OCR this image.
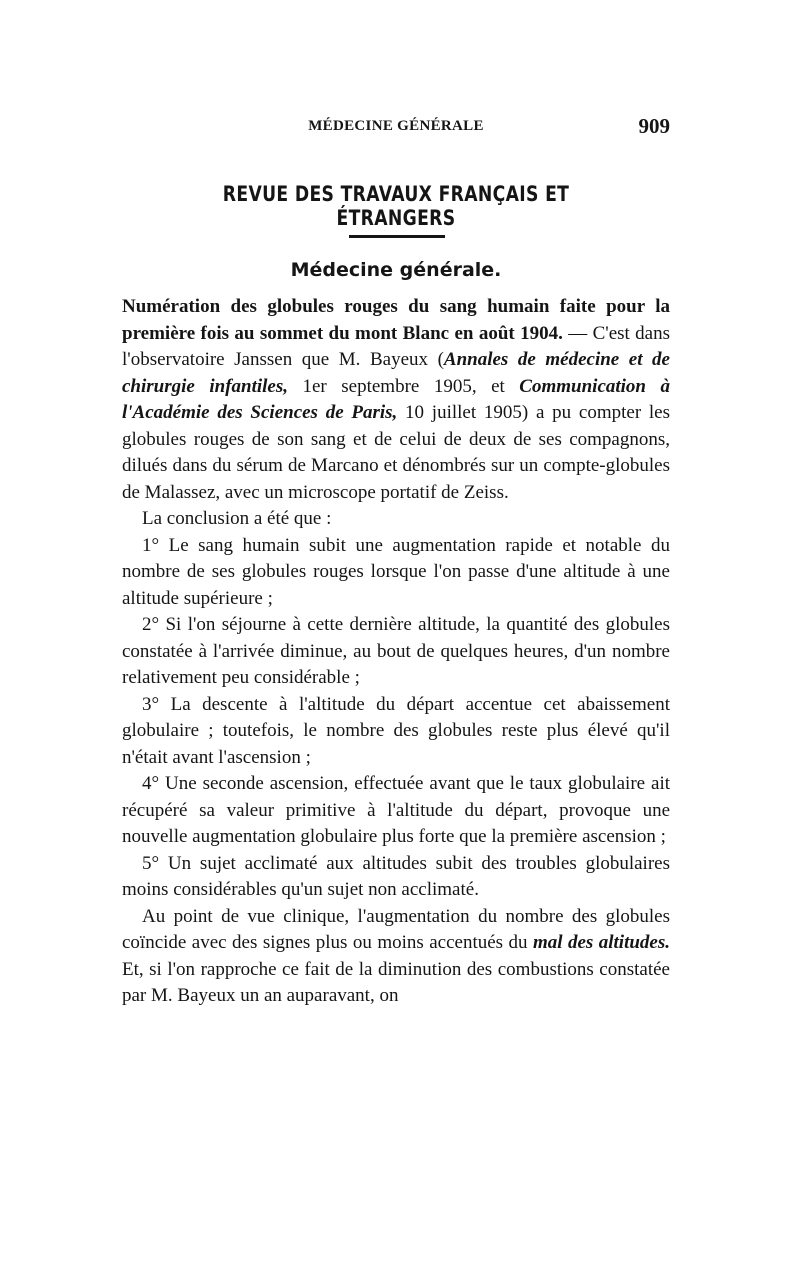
MÉDECINE GÉNÉRALE	909
REVUE DES TRAVAUX FRANÇAIS ET ÉTRANGERS
Médecine générale.

Numération des globules rouges du sang humain faite pour la première fois au sommet du mont Blanc en août 1904. — C'est dans l'observatoire Janssen que M. Bayeux (Annales de médecine et de chirurgie infantiles, 1er septembre 1905, et Communication à l'Académie des Sciences de Paris, 10 juillet 1905) a pu compter les globules rouges de son sang et de celui de deux de ses compagnons, dilués dans du sérum de Marcano et dénombrés sur un compte-globules de Malassez, avec un microscope portatif de Zeiss.

La conclusion a été que :

1° Le sang humain subit une augmentation rapide et notable du nombre de ses globules rouges lorsque l'on passe d'une altitude à une altitude supérieure ;

2° Si l'on séjourne à cette dernière altitude, la quantité des globules constatée à l'arrivée diminue, au bout de quelques heures, d'un nombre relativement peu considérable ;

3° La descente à l'altitude du départ accentue cet abaissement globulaire ; toutefois, le nombre des globules reste plus élevé qu'il n'était avant l'ascension ;

4° Une seconde ascension, effectuée avant que le taux globulaire ait récupéré sa valeur primitive à l'altitude du départ, provoque une nouvelle augmentation globulaire plus forte que la première ascension ;

5° Un sujet acclimaté aux altitudes subit des troubles globulaires moins considérables qu'un sujet non acclimaté.

Au point de vue clinique, l'augmentation du nombre des globules coïncide avec des signes plus ou moins accentués du mal des altitudes. Et, si l'on rapproche ce fait de la diminution des combustions constatée par M. Bayeux un an auparavant, on
